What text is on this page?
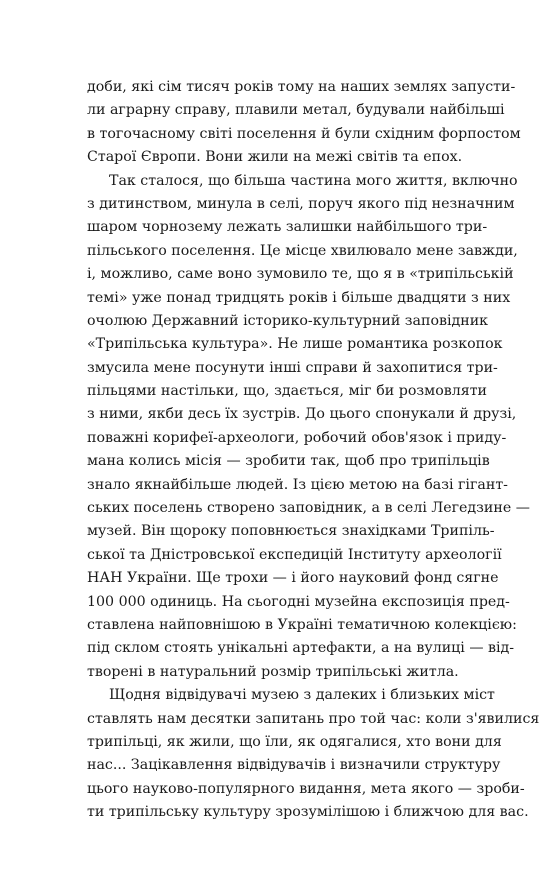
доби, які сім тисяч років тому на наших землях запусти-
ли аграрну справу, плавили метал, будували найбільші
в тогочасному світі поселення й були східним форпостом
Старої Європи. Вони жили на межі світів та епох.
Так сталося, що більша частина мого життя, включно
з дитинством, минула в селі, поруч якого під незначним
шаром чорнозему лежать залишки найбільшого три-
пільського поселення. Це місце хвилювало мене завжди,
і, можливо, саме воно зумовило те, що я в «трипільській
темі» уже понад тридцять років і більше двадцяти з них
очолюю Державний історико-культурний заповідник
«Трипільська культура». Не лише романтика розкопок
змусила мене посунути інші справи й захопитися три-
пільцями настільки, що, здається, міг би розмовляти
з ними, якби десь їх зустрів. До цього спонукали й друзі,
поважні корифеї-археологи, робочий обов'язок і приду-
мана колись місія — зробити так, щоб про трипільців
знало якнайбільше людей. Із цією метою на базі гігант-
ських поселень створено заповідник, а в селі Легедзине —
музей. Він щороку поповнюється знахідками Трипіль-
ської та Дністровської експедицій Інституту археології
НАН України. Ще трохи — і його науковий фонд сягне
100 000 одиниць. На сьогодні музейна експозиція пред-
ставлена найповнішою в Україні тематичною колекцією:
під склом стоять унікальні артефакти, а на вулиці — від-
творені в натуральний розмір трипільські житла.
Щодня відвідувачі музею з далеких і близьких міст
ставлять нам десятки запитань про той час: коли з'явилися
трипільці, як жили, що їли, як одягалися, хто вони для
нас... Зацікавлення відвідувачів і визначили структуру
цього науково-популярного видання, мета якого — зроби-
ти трипільську культуру зрозумілішою і ближчою для вас.
